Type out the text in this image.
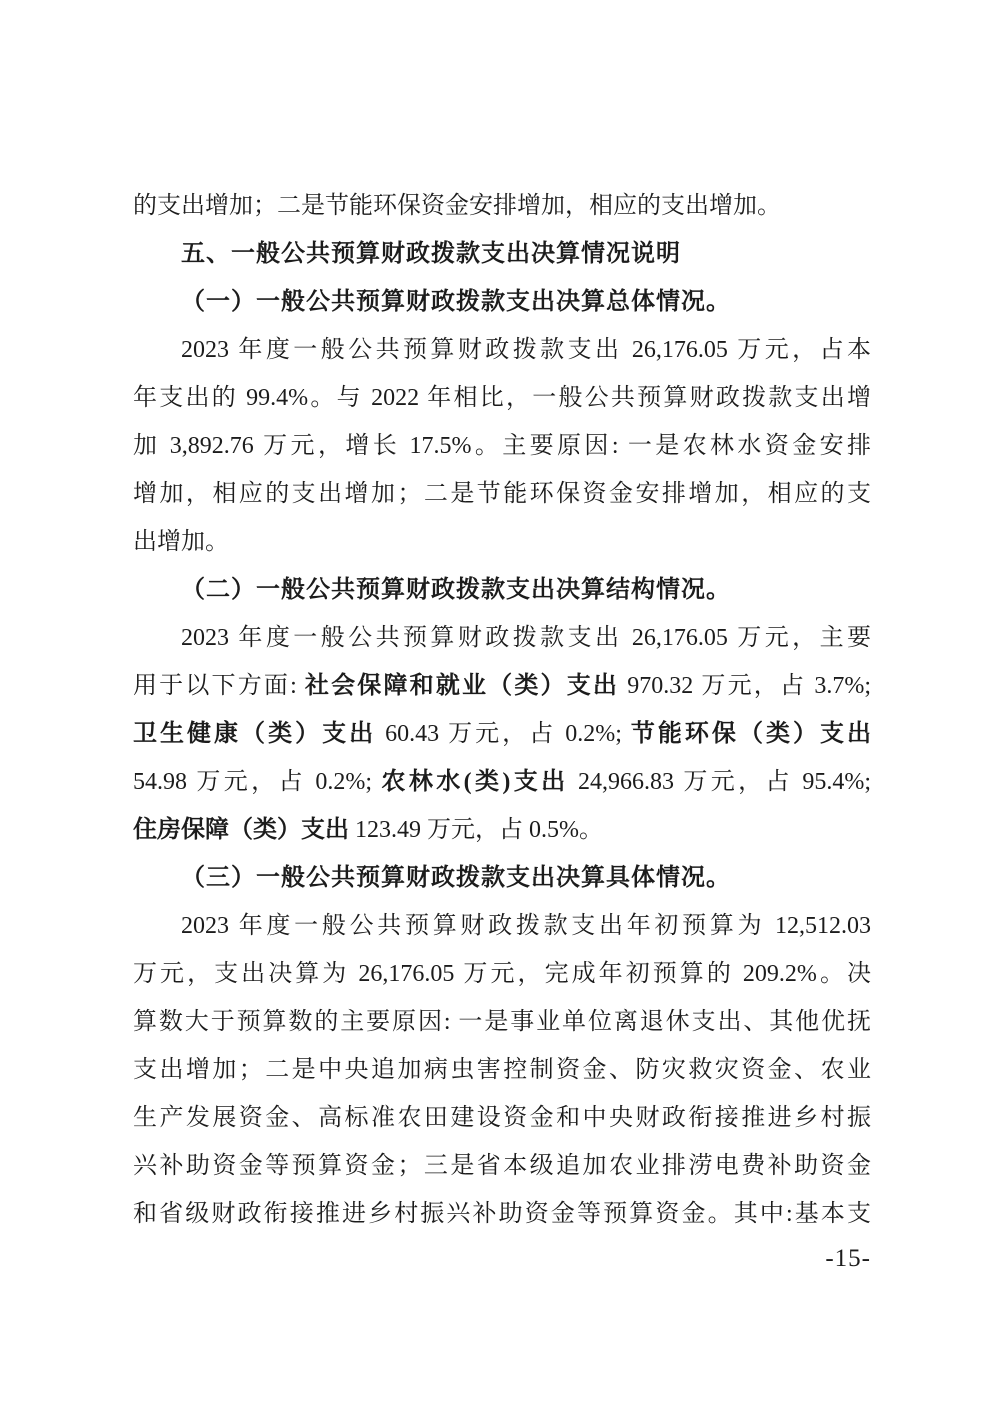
的支出增加；二是节能环保资金安排增加，相应的支出增加。
五、一般公共预算财政拨款支出决算情况说明
（一）一般公共预算财政拨款支出决算总体情况。
2023 年度一般公共预算财政拨款支出 26,176.05 万元，占本
年支出的 99.4%。与 2022 年相比，一般公共预算财政拨款支出增
加 3,892.76 万元，增长 17.5%。主要原因: 一是农林水资金安排
增加，相应的支出增加；二是节能环保资金安排增加，相应的支
出增加。
（二）一般公共预算财政拨款支出决算结构情况。
2023 年度一般公共预算财政拨款支出 26,176.05 万元，主要
用于以下方面: 社会保障和就业（类）支出 970.32 万元，占 3.7%;
卫生健康（类）支出 60.43 万元，占 0.2%; 节能环保（类）支出
54.98 万元，占 0.2%; 农林水(类)支出 24,966.83 万元，占 95.4%;
住房保障（类）支出 123.49 万元，占 0.5%。
（三）一般公共预算财政拨款支出决算具体情况。
2023 年度一般公共预算财政拨款支出年初预算为 12,512.03
万元，支出决算为 26,176.05 万元，完成年初预算的 209.2%。决
算数大于预算数的主要原因: 一是事业单位离退休支出、其他优抚
支出增加；二是中央追加病虫害控制资金、防灾救灾资金、农业
生产发展资金、高标准农田建设资金和中央财政衔接推进乡村振
兴补助资金等预算资金；三是省本级追加农业排涝电费补助资金
和省级财政衔接推进乡村振兴补助资金等预算资金。其中:基本支
-15-
